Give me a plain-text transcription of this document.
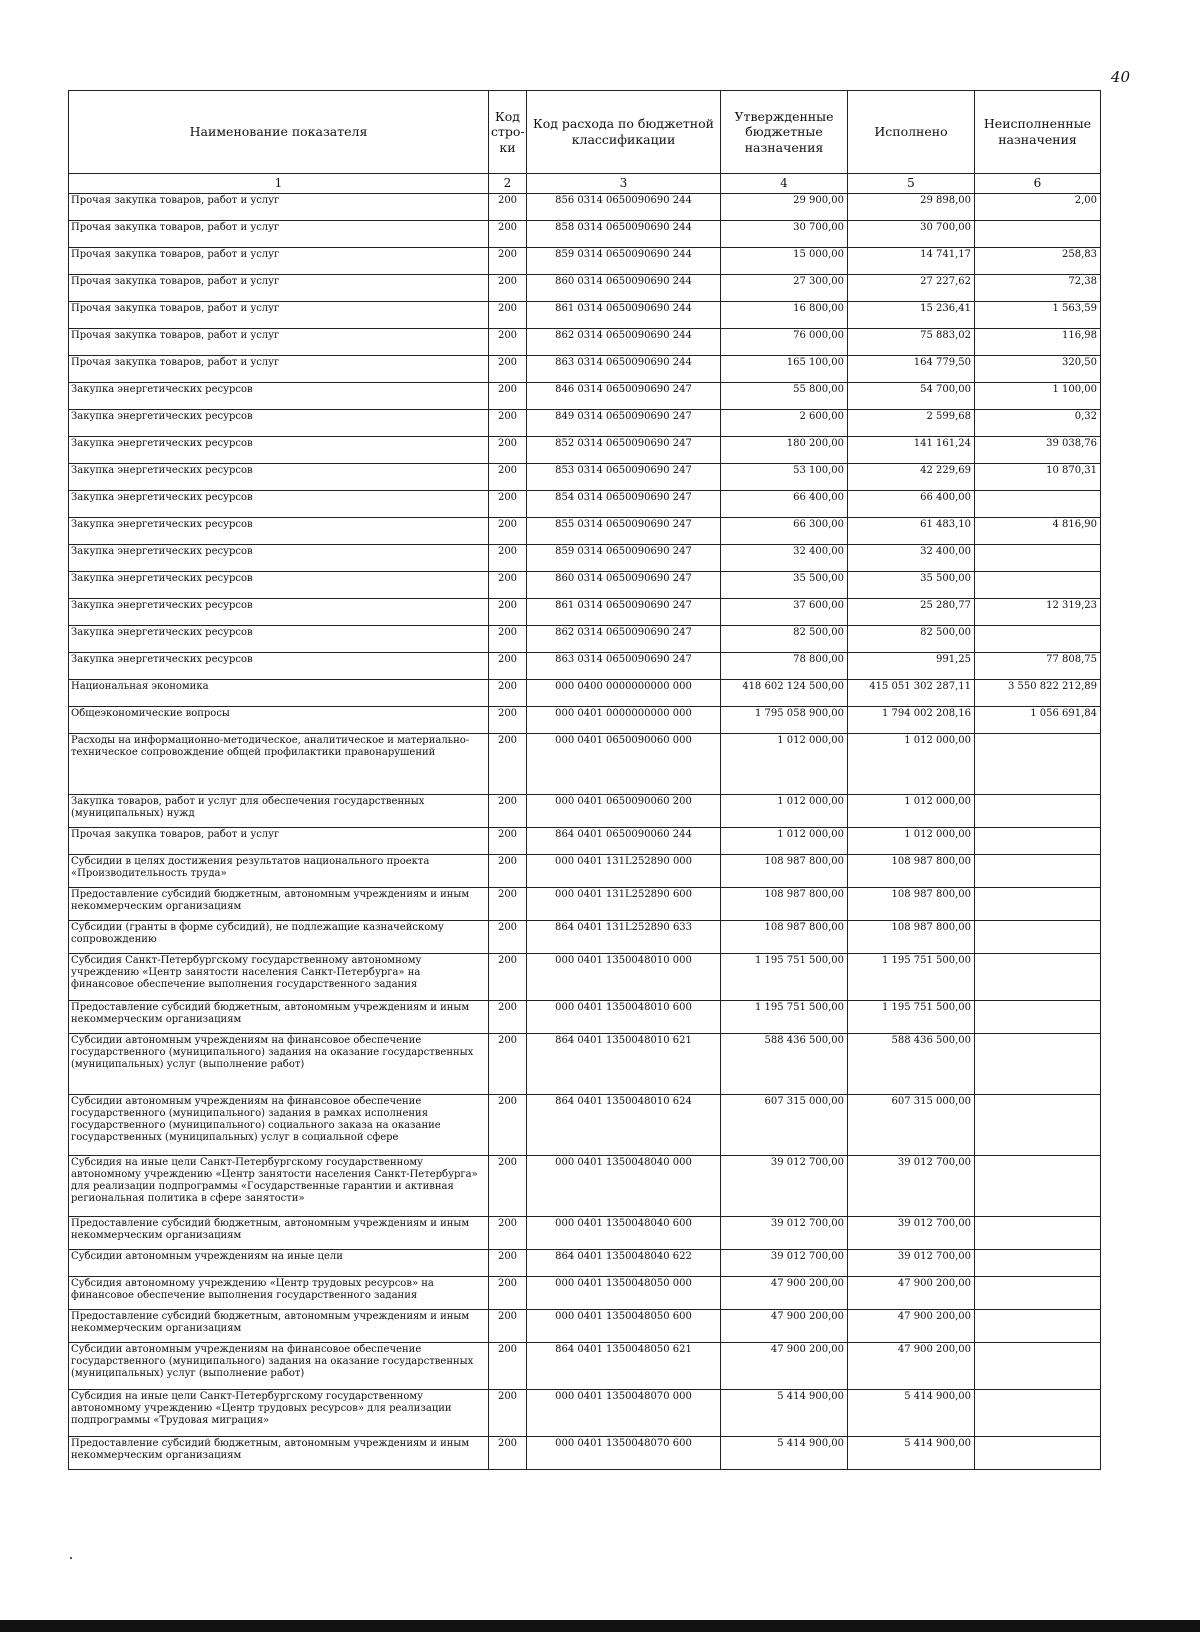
40
Наименование показателя	Код стро-ки	Код расхода по бюджетной классификации	Утвержденные бюджетные назначения	Исполнено	Неисполненные назначения
1	2	3	4	5	6
Прочая закупка товаров, работ и услуг	200	856 0314 0650090690 244	29 900,00	29 898,00	2,00
Прочая закупка товаров, работ и услуг	200	858 0314 0650090690 244	30 700,00	30 700,00	
Прочая закупка товаров, работ и услуг	200	859 0314 0650090690 244	15 000,00	14 741,17	258,83
Прочая закупка товаров, работ и услуг	200	860 0314 0650090690 244	27 300,00	27 227,62	72,38
Прочая закупка товаров, работ и услуг	200	861 0314 0650090690 244	16 800,00	15 236,41	1 563,59
Прочая закупка товаров, работ и услуг	200	862 0314 0650090690 244	76 000,00	75 883,02	116,98
Прочая закупка товаров, работ и услуг	200	863 0314 0650090690 244	165 100,00	164 779,50	320,50
Закупка энергетических ресурсов	200	846 0314 0650090690 247	55 800,00	54 700,00	1 100,00
Закупка энергетических ресурсов	200	849 0314 0650090690 247	2 600,00	2 599,68	0,32
Закупка энергетических ресурсов	200	852 0314 0650090690 247	180 200,00	141 161,24	39 038,76
Закупка энергетических ресурсов	200	853 0314 0650090690 247	53 100,00	42 229,69	10 870,31
Закупка энергетических ресурсов	200	854 0314 0650090690 247	66 400,00	66 400,00	
Закупка энергетических ресурсов	200	855 0314 0650090690 247	66 300,00	61 483,10	4 816,90
Закупка энергетических ресурсов	200	859 0314 0650090690 247	32 400,00	32 400,00	
Закупка энергетических ресурсов	200	860 0314 0650090690 247	35 500,00	35 500,00	
Закупка энергетических ресурсов	200	861 0314 0650090690 247	37 600,00	25 280,77	12 319,23
Закупка энергетических ресурсов	200	862 0314 0650090690 247	82 500,00	82 500,00	
Закупка энергетических ресурсов	200	863 0314 0650090690 247	78 800,00	991,25	77 808,75
Национальная экономика	200	000 0400 0000000000 000	418 602 124 500,00	415 051 302 287,11	3 550 822 212,89
Общеэкономические вопросы	200	000 0401 0000000000 000	1 795 058 900,00	1 794 002 208,16	1 056 691,84
Расходы на информационно-методическое, аналитическое и материально-техническое сопровождение общей профилактики правонарушений	200	000 0401 0650090060 000	1 012 000,00	1 012 000,00	
Закупка товаров, работ и услуг для обеспечения государственных (муниципальных) нужд	200	000 0401 0650090060 200	1 012 000,00	1 012 000,00	
Прочая закупка товаров, работ и услуг	200	864 0401 0650090060 244	1 012 000,00	1 012 000,00	
Субсидии в целях достижения результатов национального проекта «Производительность труда»	200	000 0401 131L252890 000	108 987 800,00	108 987 800,00	
Предоставление субсидий бюджетным, автономным учреждениям и иным некоммерческим организациям	200	000 0401 131L252890 600	108 987 800,00	108 987 800,00	
Субсидии (гранты в форме субсидий), не подлежащие казначейскому сопровождению	200	864 0401 131L252890 633	108 987 800,00	108 987 800,00	
Субсидия Санкт-Петербургскому государственному автономному учреждению «Центр занятости населения Санкт-Петербурга» на финансовое обеспечение выполнения государственного задания	200	000 0401 1350048010 000	1 195 751 500,00	1 195 751 500,00	
Предоставление субсидий бюджетным, автономным учреждениям и иным некоммерческим организациям	200	000 0401 1350048010 600	1 195 751 500,00	1 195 751 500,00	
Субсидии автономным учреждениям на финансовое обеспечение государственного (муниципального) задания на оказание государственных (муниципальных) услуг (выполнение работ)	200	864 0401 1350048010 621	588 436 500,00	588 436 500,00	
Субсидии автономным учреждениям на финансовое обеспечение государственного (муниципального) задания в рамках исполнения государственного (муниципального) социального заказа на оказание государственных (муниципальных) услуг в социальной сфере	200	864 0401 1350048010 624	607 315 000,00	607 315 000,00	
Субсидия на иные цели Санкт-Петербургскому государственному автономному учреждению «Центр занятости населения Санкт-Петербурга» для реализации подпрограммы «Государственные гарантии и активная региональная политика в сфере занятости»	200	000 0401 1350048040 000	39 012 700,00	39 012 700,00	
Предоставление субсидий бюджетным, автономным учреждениям и иным некоммерческим организациям	200	000 0401 1350048040 600	39 012 700,00	39 012 700,00	
Субсидии автономным учреждениям на иные цели	200	864 0401 1350048040 622	39 012 700,00	39 012 700,00	
Субсидия автономному учреждению «Центр трудовых ресурсов» на финансовое обеспечение выполнения государственного задания	200	000 0401 1350048050 000	47 900 200,00	47 900 200,00	
Предоставление субсидий бюджетным, автономным учреждениям и иным некоммерческим организациям	200	000 0401 1350048050 600	47 900 200,00	47 900 200,00	
Субсидии автономным учреждениям на финансовое обеспечение государственного (муниципального) задания на оказание государственных (муниципальных) услуг (выполнение работ)	200	864 0401 1350048050 621	47 900 200,00	47 900 200,00	
Субсидия на иные цели Санкт-Петербургскому государственному автономному учреждению «Центр трудовых ресурсов» для реализации подпрограммы «Трудовая миграция»	200	000 0401 1350048070 000	5 414 900,00	5 414 900,00	
Предоставление субсидий бюджетным, автономным учреждениям и иным некоммерческим организациям	200	000 0401 1350048070 600	5 414 900,00	5 414 900,00	
